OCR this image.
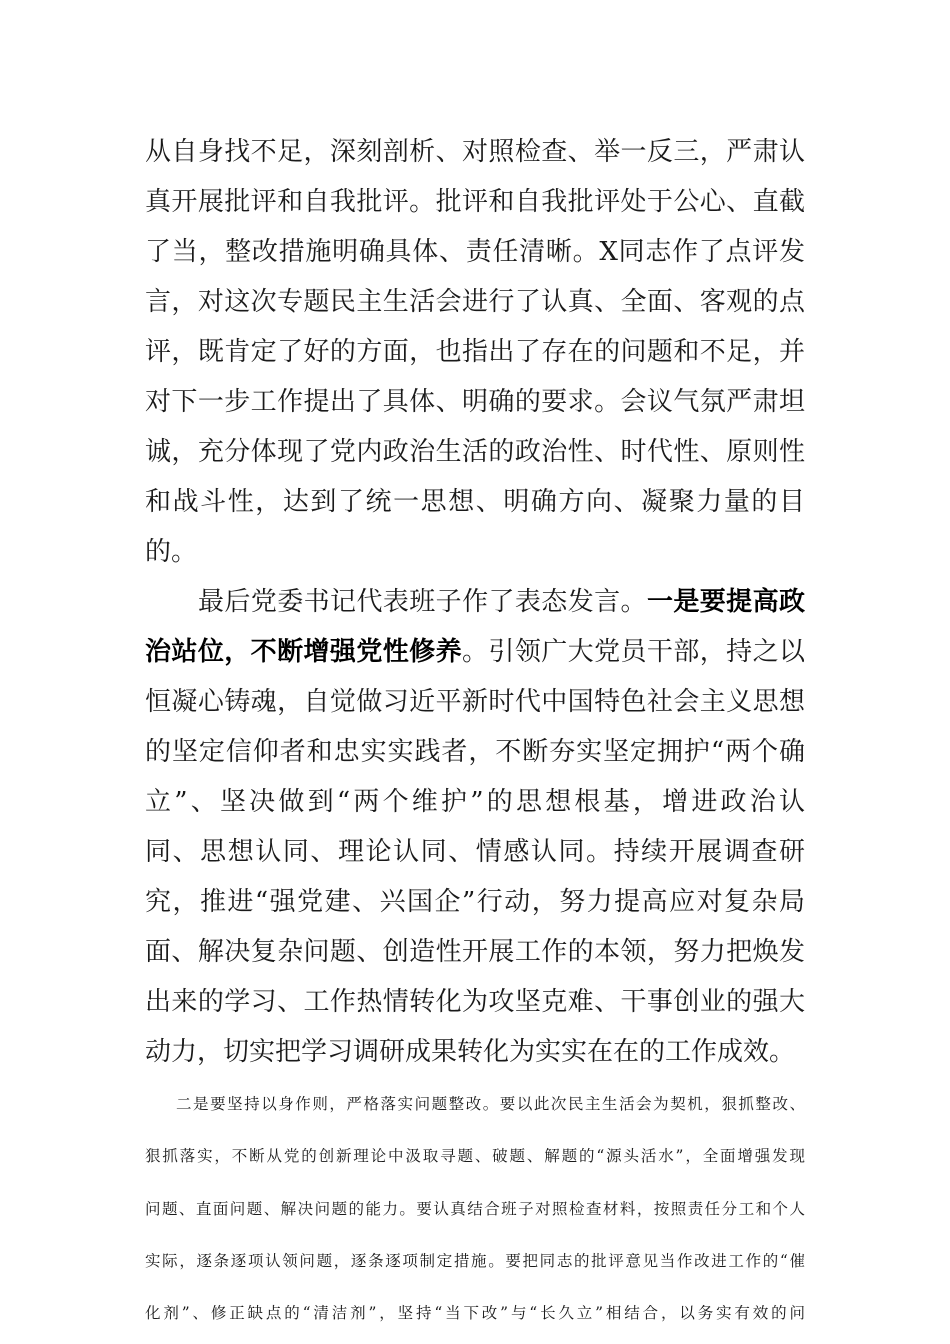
从自身找不足，深刻剖析、对照检查、举一反三，严肃认
真开展批评和自我批评。批评和自我批评处于公心、直截
了当，整改措施明确具体、责任清晰。X同志作了点评发
言，对这次专题民主生活会进行了认真、全面、客观的点
评，既肯定了好的方面，也指出了存在的问题和不足，并
对下一步工作提出了具体、明确的要求。会议气氛严肃坦
诚，充分体现了党内政治生活的政治性、时代性、原则性
和战斗性，达到了统一思想、明确方向、凝聚力量的目
的。
最后党委书记代表班子作了表态发言。一是要提高政
治站位，不断增强党性修养。引领广大党员干部，持之以
恒凝心铸魂，自觉做习近平新时代中国特色社会主义思想
的坚定信仰者和忠实实践者，不断夯实坚定拥护“两个确
立”、坚决做到“两个维护”的思想根基，增进政治认
同、思想认同、理论认同、情感认同。持续开展调查研
究，推进“强党建、兴国企”行动，努力提高应对复杂局
面、解决复杂问题、创造性开展工作的本领，努力把焕发
出来的学习、工作热情转化为攻坚克难、干事创业的强大
动力，切实把学习调研成果转化为实实在在的工作成效。
二是要坚持以身作则，严格落实问题整改。要以此次民主生活会为契机，狠抓整改、
狠抓落实，不断从党的创新理论中汲取寻题、破题、解题的“源头活水”，全面增强发现
问题、直面问题、解决问题的能力。要认真结合班子对照检查材料，按照责任分工和个人
实际，逐条逐项认领问题，逐条逐项制定措施。要把同志的批评意见当作改进工作的“催
化剂”、修正缺点的“清洁剂”，坚持“当下改”与“长久立”相结合，以务实有效的问
